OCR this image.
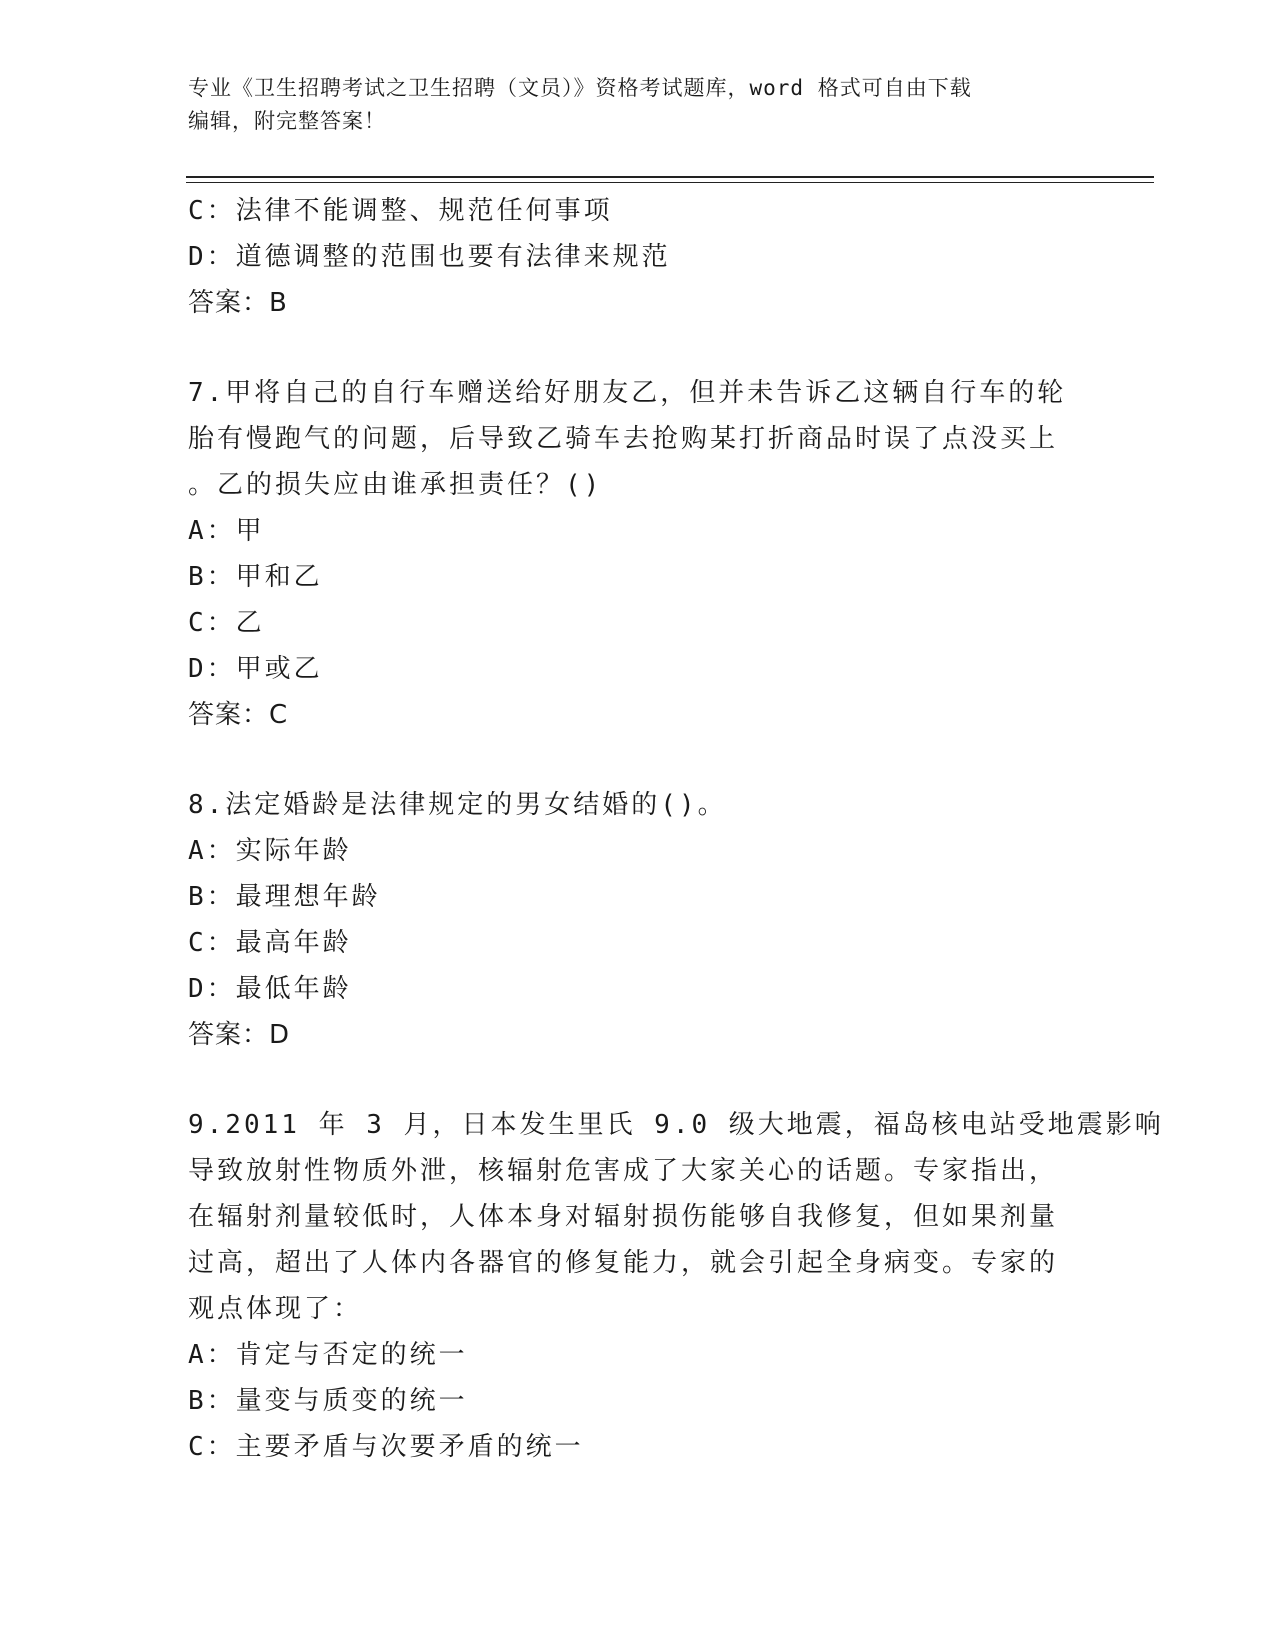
专业《卫生招聘考试之卫生招聘（文员）》资格考试题库，word 格式可自由下载
编辑，附完整答案！
C：法律不能调整、规范任何事项
D：道德调整的范围也要有法律来规范
答案：B
7.甲将自己的自行车赠送给好朋友乙，但并未告诉乙这辆自行车的轮
胎有慢跑气的问题，后导致乙骑车去抢购某打折商品时误了点没买上
。乙的损失应由谁承担责任？()
A：甲
B：甲和乙
C：乙
D：甲或乙
答案：C
8.法定婚龄是法律规定的男女结婚的()。
A：实际年龄
B：最理想年龄
C：最高年龄
D：最低年龄
答案：D
9.2011 年 3 月，日本发生里氏 9.0 级大地震，福岛核电站受地震影响
导致放射性物质外泄，核辐射危害成了大家关心的话题。专家指出，
在辐射剂量较低时，人体本身对辐射损伤能够自我修复，但如果剂量
过高，超出了人体内各器官的修复能力，就会引起全身病变。专家的
观点体现了：
A：肯定与否定的统一
B：量变与质变的统一
C：主要矛盾与次要矛盾的统一
